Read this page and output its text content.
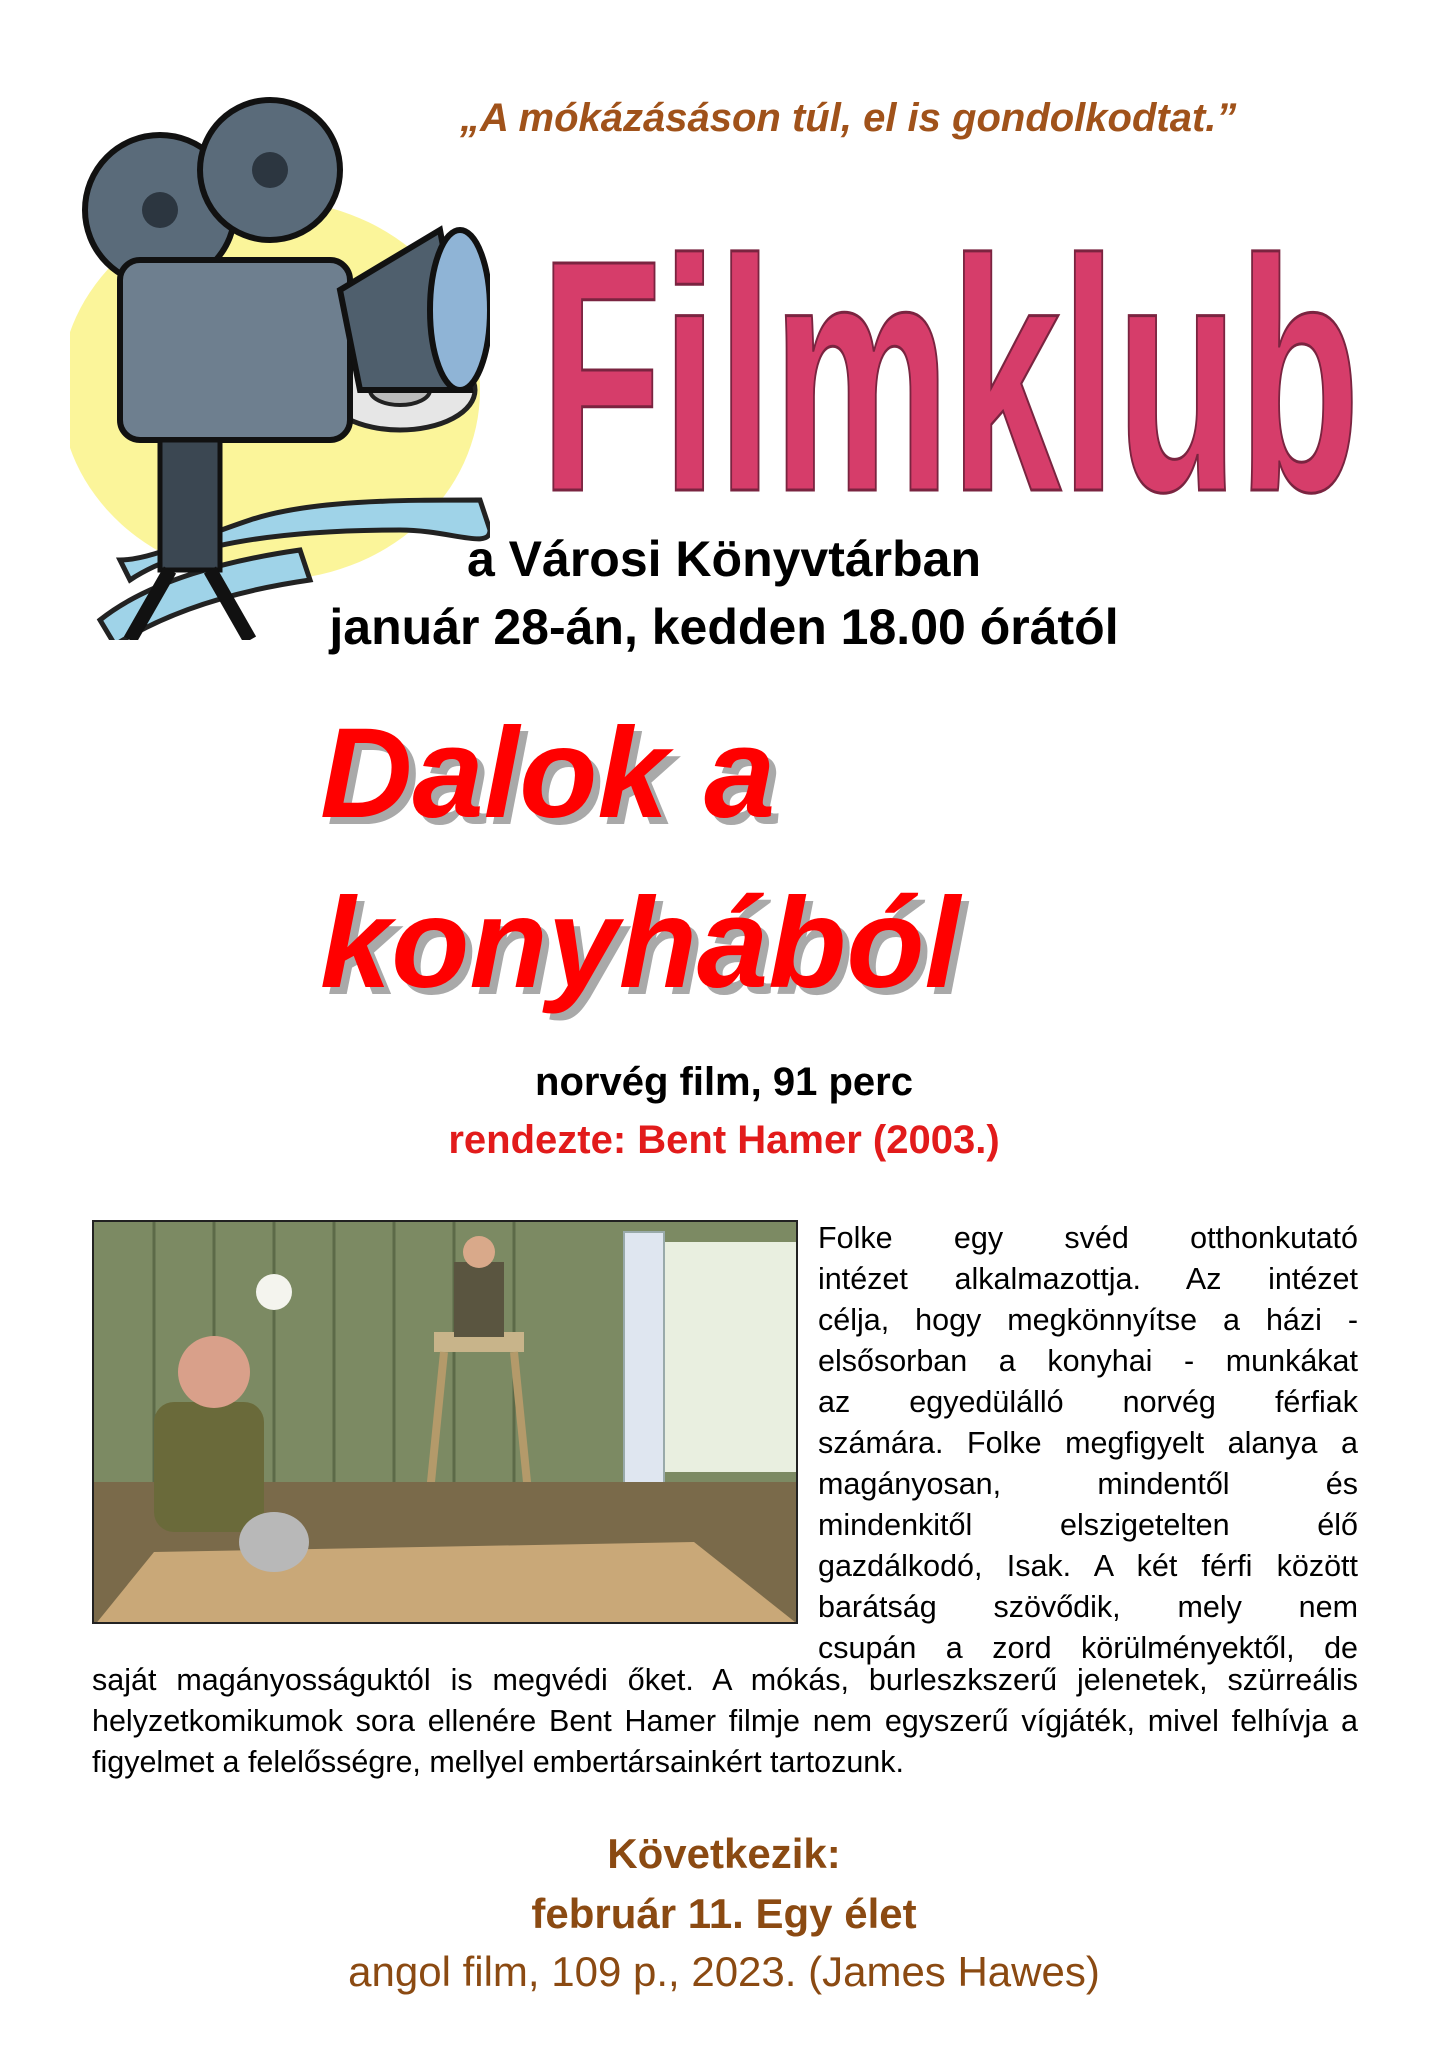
„A mókázásáson túl, el is gondolkodtat.”
Filmklub
a Városi Könyvtárban
január 28-án, kedden 18.00 órától
Dalok a
konyhából
norvég film, 91 perc
rendezte: Bent Hamer (2003.)
Folke egy svéd otthonkutató
intézet alkalmazottja. Az intézet
célja, hogy megkönnyítse a házi -
elsősorban a konyhai - munkákat
az egyedülálló norvég férfiak
számára. Folke megfigyelt alanya a
magányosan, mindentől és
mindenkitől elszigetelten élő
gazdálkodó, Isak. A két férfi között
barátság szövődik, mely nem
csupán a zord körülményektől, de
saját magányosságuktól is megvédi őket. A mókás, burleszkszerű jelenetek, szürreális helyzetkomikumok sora ellenére Bent Hamer filmje nem egyszerű vígjáték, mivel felhívja a figyelmet a felelősségre, mellyel embertársainkért tartozunk.
Következik:
február 11. Egy élet
angol film, 109 p., 2023. (James Hawes)
